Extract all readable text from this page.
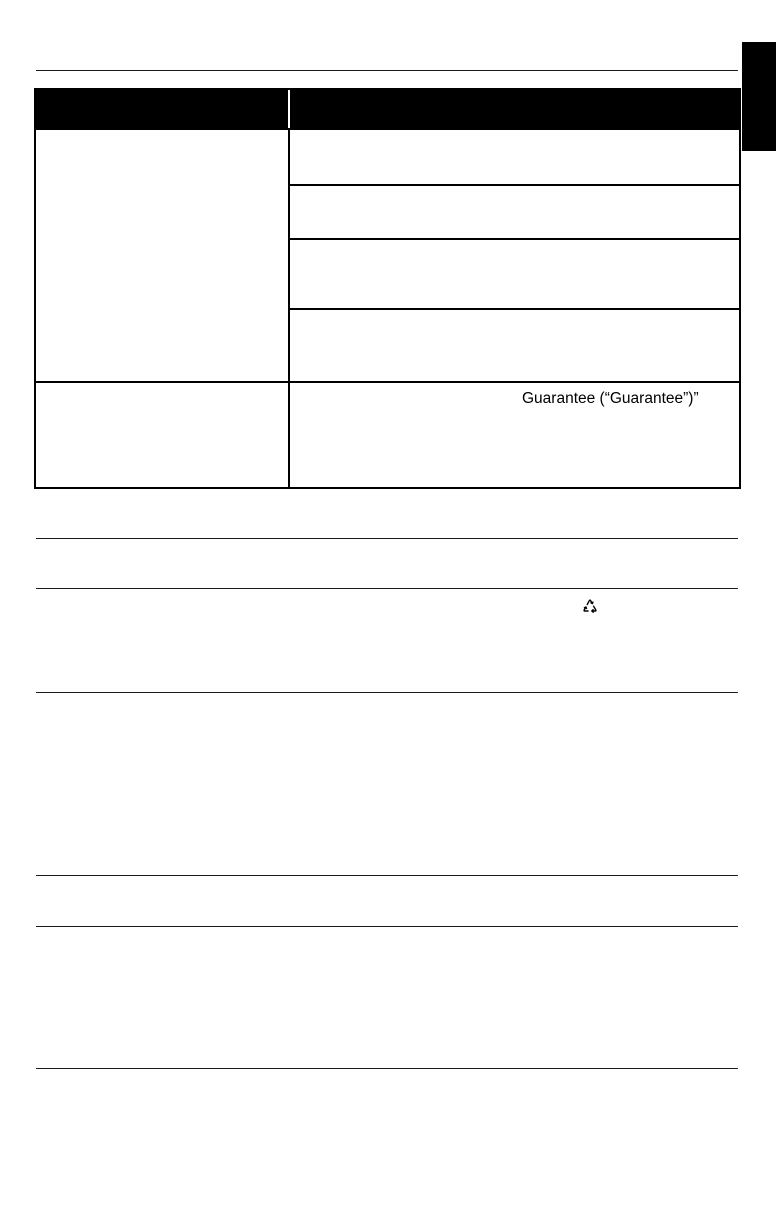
Guarantee (“Guarantee”)”
